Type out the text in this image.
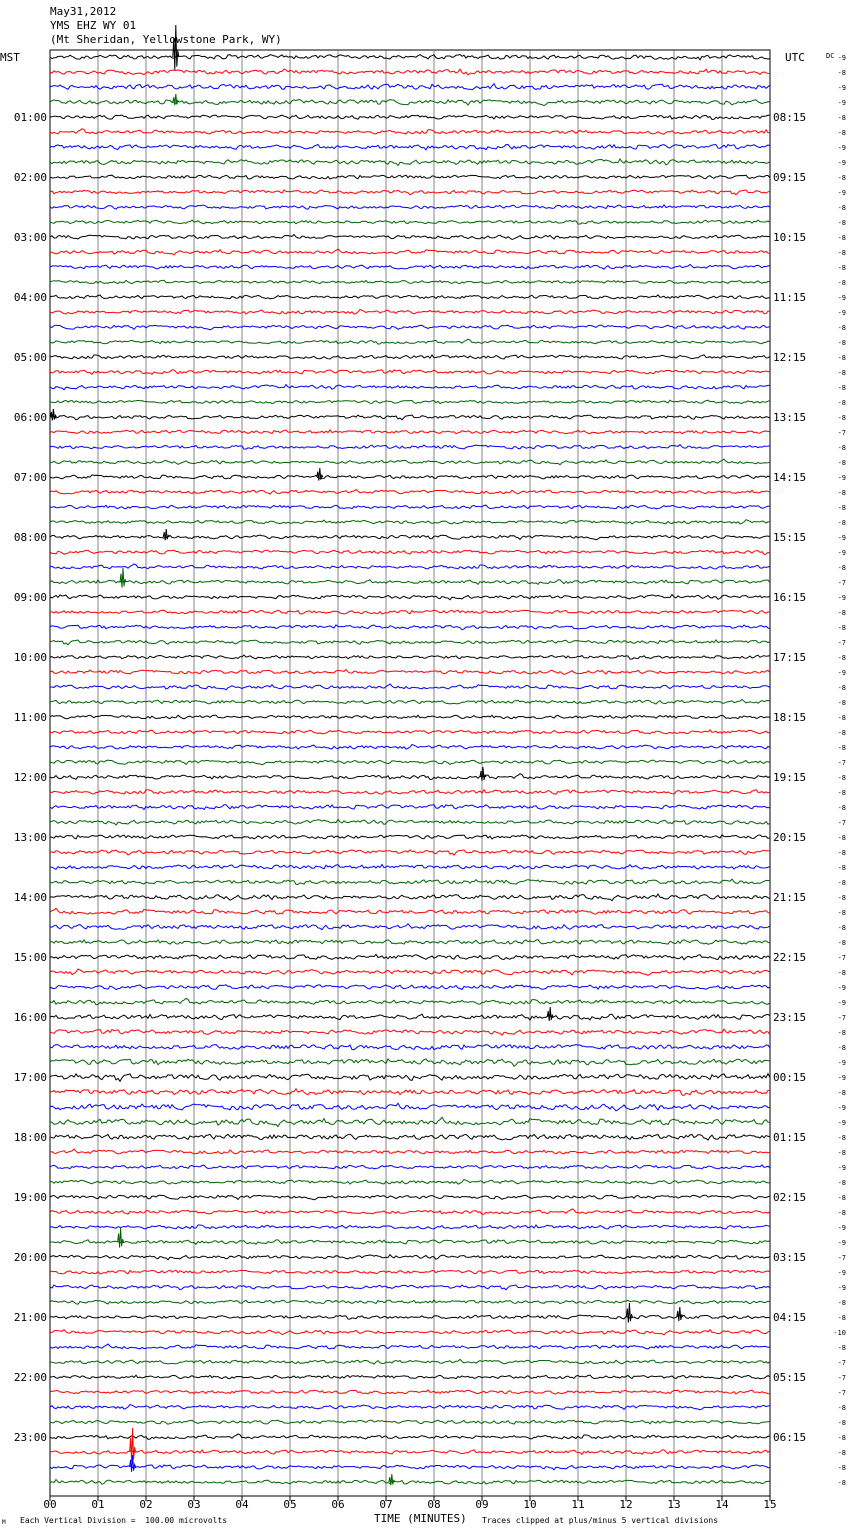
May31,2012
YMS EHZ WY 01
(Mt Sheridan, Yellowstone Park, WY)
MST	UTC	DC
01:00
02:00
03:00
04:00
05:00
06:00
07:00
08:00
09:00
10:00
11:00
12:00
13:00
14:00
15:00
16:00
17:00
18:00
19:00
20:00
21:00
22:00
23:00
08:15
09:15
10:15
11:15
12:15
13:15
14:15
15:15
16:15
17:15
18:15
19:15
20:15
21:15
22:15
23:15
00:15
01:15
02:15
03:15
04:15
05:15
06:15
-9
-8
-9
-9
-8
-8
-9
-9
-8
-9
-8
-8
-8
-8
-8
-8
-9
-9
-8
-8
-8
-8
-8
-8
-8
-7
-8
-8
-9
-8
-8
-8
-9
-9
-8
-7
-9
-8
-8
-7
-8
-9
-8
-8
-8
-8
-8
-7
-8
-8
-8
-7
-8
-8
-8
-8
-8
-8
-8
-8
-7
-8
-9
-9
-7
-8
-8
-9
-9
-8
-9
-9
-8
-8
-9
-8
-8
-8
-9
-9
-7
-9
-9
-8
-8
-10
-8
-7
-7
-7
-8
-8
-8
-8
-8
-8
00	01	02	03	04	05	06	07	08	09	10	11	12	13	14	15
TIME (MINUTES)
Each Vertical Division =  100.00 microvolts	Traces clipped at plus/minus 5 vertical divisions
M
